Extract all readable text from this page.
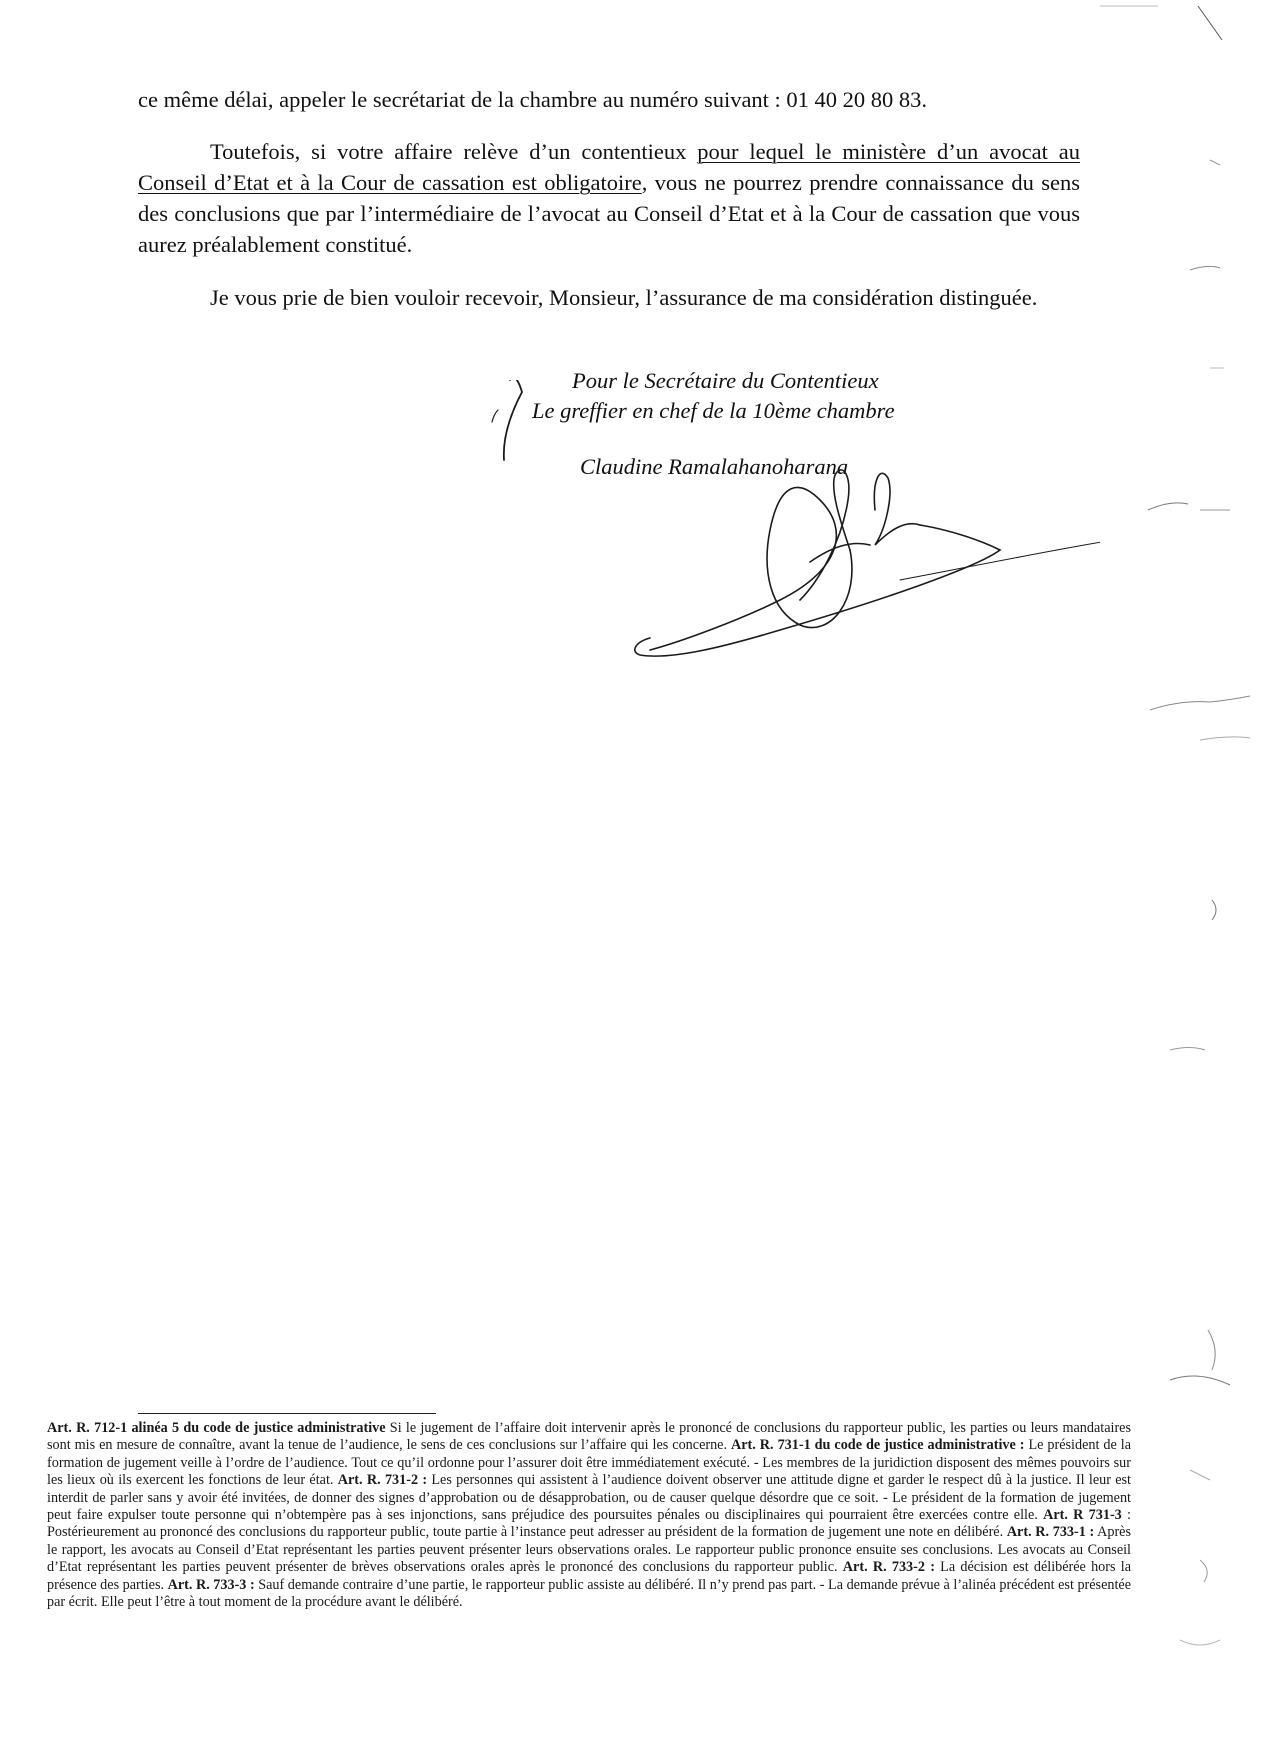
ce même délai, appeler le secrétariat de la chambre au numéro suivant : 01 40 20 80 83.
Toutefois, si votre affaire relève d’un contentieux pour lequel le ministère d’un avocat au Conseil d’Etat et à la Cour de cassation est obligatoire, vous ne pourrez prendre connaissance du sens des conclusions que par l’intermédiaire de l’avocat au Conseil d’Etat et à la Cour de cassation que vous aurez préalablement constitué.
Je vous prie de bien vouloir recevoir, Monsieur, l’assurance de ma considération distinguée.
Pour le Secrétaire du Contentieux
Le greffier en chef de la 10ème chambre
Claudine Ramalahanoharana
Art. R. 712-1 alinéa 5 du code de justice administrative Si le jugement de l’affaire doit intervenir après le prononcé de conclusions du rapporteur public, les parties ou leurs mandataires sont mis en mesure de connaître, avant la tenue de l’audience, le sens de ces conclusions sur l’affaire qui les concerne. Art. R. 731-1 du code de justice administrative : Le président de la formation de jugement veille à l’ordre de l’audience. Tout ce qu’il ordonne pour l’assurer doit être immédiatement exécuté. - Les membres de la juridiction disposent des mêmes pouvoirs sur les lieux où ils exercent les fonctions de leur état. Art. R. 731-2 : Les personnes qui assistent à l’audience doivent observer une attitude digne et garder le respect dû à la justice. Il leur est interdit de parler sans y avoir été invitées, de donner des signes d’approbation ou de désapprobation, ou de causer quelque désordre que ce soit. - Le président de la formation de jugement peut faire expulser toute personne qui n’obtempère pas à ses injonctions, sans préjudice des poursuites pénales ou disciplinaires qui pourraient être exercées contre elle. Art. R 731-3 : Postérieurement au prononcé des conclusions du rapporteur public, toute partie à l’instance peut adresser au président de la formation de jugement une note en délibéré. Art. R. 733-1 : Après le rapport, les avocats au Conseil d’Etat représentant les parties peuvent présenter leurs observations orales. Le rapporteur public prononce ensuite ses conclusions. Les avocats au Conseil d’Etat représentant les parties peuvent présenter de brèves observations orales après le prononcé des conclusions du rapporteur public. Art. R. 733-2 : La décision est délibérée hors la présence des parties. Art. R. 733-3 : Sauf demande contraire d’une partie, le rapporteur public assiste au délibéré. Il n’y prend pas part. - La demande prévue à l’alinéa précédent est présentée par écrit. Elle peut l’être à tout moment de la procédure avant le délibéré.
